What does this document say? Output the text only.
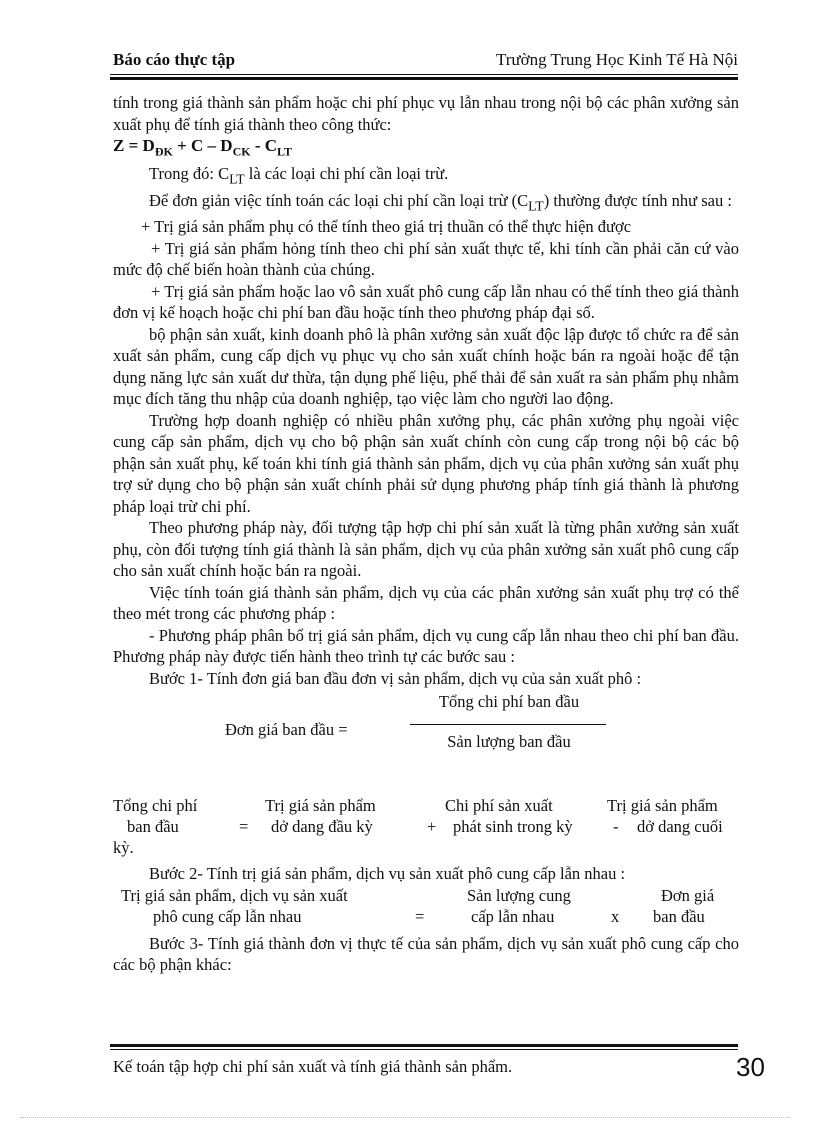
Báo cáo thực tập	Trường Trung Học Kinh Tế Hà Nội

tính trong giá thành sản phẩm hoặc chi phí phục vụ lẫn nhau trong nội bộ các phân xưởng sản xuất phụ để tính giá thành theo công thức:

$Z = D_{ĐK} + C - D_{CK} - C_{LT}$

Trong đó: $C_{LT}$ là các loại chi phí cần loại trừ.

Để đơn giản việc tính toán các loại chi phí cần loại trừ $(C_{LT})$ thường được tính như sau :

+ Trị giá sản phẩm phụ có thể tính theo giá trị thuần có thể thực hiện được

+ Trị giá sản phẩm hỏng tính theo chi phí sản xuất thực tế, khi tính cần phải căn cứ vào mức độ chế biến hoàn thành của chúng.

+ Trị giá sản phẩm hoặc lao vô sản xuất phô cung cấp lẫn nhau có thể tính theo giá thành đơn vị kế hoạch hoặc chi phí ban đầu hoặc tính theo phương pháp đại số.

bộ phận sản xuất, kinh doanh phô là phân xưởng sản xuất độc lập được tổ chức ra để sản xuất sản phẩm, cung cấp dịch vụ phục vụ cho sản xuất chính hoặc bán ra ngoài hoặc để tận dụng năng lực sản xuất dư thừa, tận dụng phế liệu, phế thải để sản xuất ra sản phẩm phụ nhằm mục đích tăng thu nhập của doanh nghiệp, tạo việc làm cho người lao động.

Trường hợp doanh nghiệp có nhiều phân xưởng phụ, các phân xưởng phụ ngoài việc cung cấp sản phẩm, dịch vụ cho bộ phận sản xuất chính còn cung cấp trong nội bộ các bộ phận sản xuất phụ, kế toán khi tính giá thành sản phẩm, dịch vụ của phân xưởng sản xuất phụ trợ sử dụng cho bộ phận sản xuất chính phải sử dụng phương pháp tính giá thành là phương pháp loại trừ chi phí.

Theo phương pháp này, đối tượng tập hợp chi phí sản xuất là từng phân xưởng sản xuất phụ, còn đối tượng tính giá thành là sản phẩm, dịch vụ của phân xưởng sản xuất phô cung cấp cho sản xuất chính hoặc bán ra ngoài.

Việc tính toán giá thành sản phẩm, dịch vụ của các phân xưởng sản xuất phụ trợ có thể theo mét trong các phương pháp :

- Phương pháp phân bổ trị giá sản phẩm, dịch vụ cung cấp lẫn nhau theo chi phí ban đầu. Phương pháp này được tiến hành theo trình tự các bước sau :

Bước 1- Tính đơn giá ban đầu đơn vị sản phẩm, dịch vụ của sản xuất phô :

Đơn giá ban đầu =
Tổng chi phí ban đầu
Sản lượng ban đầu
Tổng chi phí
ban đầu	=
Trị giá sản phẩm
dở dang đầu kỳ	+
Chi phí sản xuất
phát sinh trong kỳ -
Trị giá sản phẩm
dở dang cuối
kỳ.

Bước 2- Tính trị giá sản phẩm, dịch vụ sản xuất phô cung cấp lẫn nhau :

Trị giá sản phẩm, dịch vụ sản xuất
phô cung cấp lẫn nhau	=
Sản lượng cung
cấp lẫn nhau	x
Đơn giá
ban đầu

Bước 3- Tính giá thành đơn vị thực tế của sản phẩm, dịch vụ sản xuất phô cung cấp cho các bộ phận khác:

Kế toán tập hợp chi phí sản xuất và tính giá thành sản phẩm.	30
